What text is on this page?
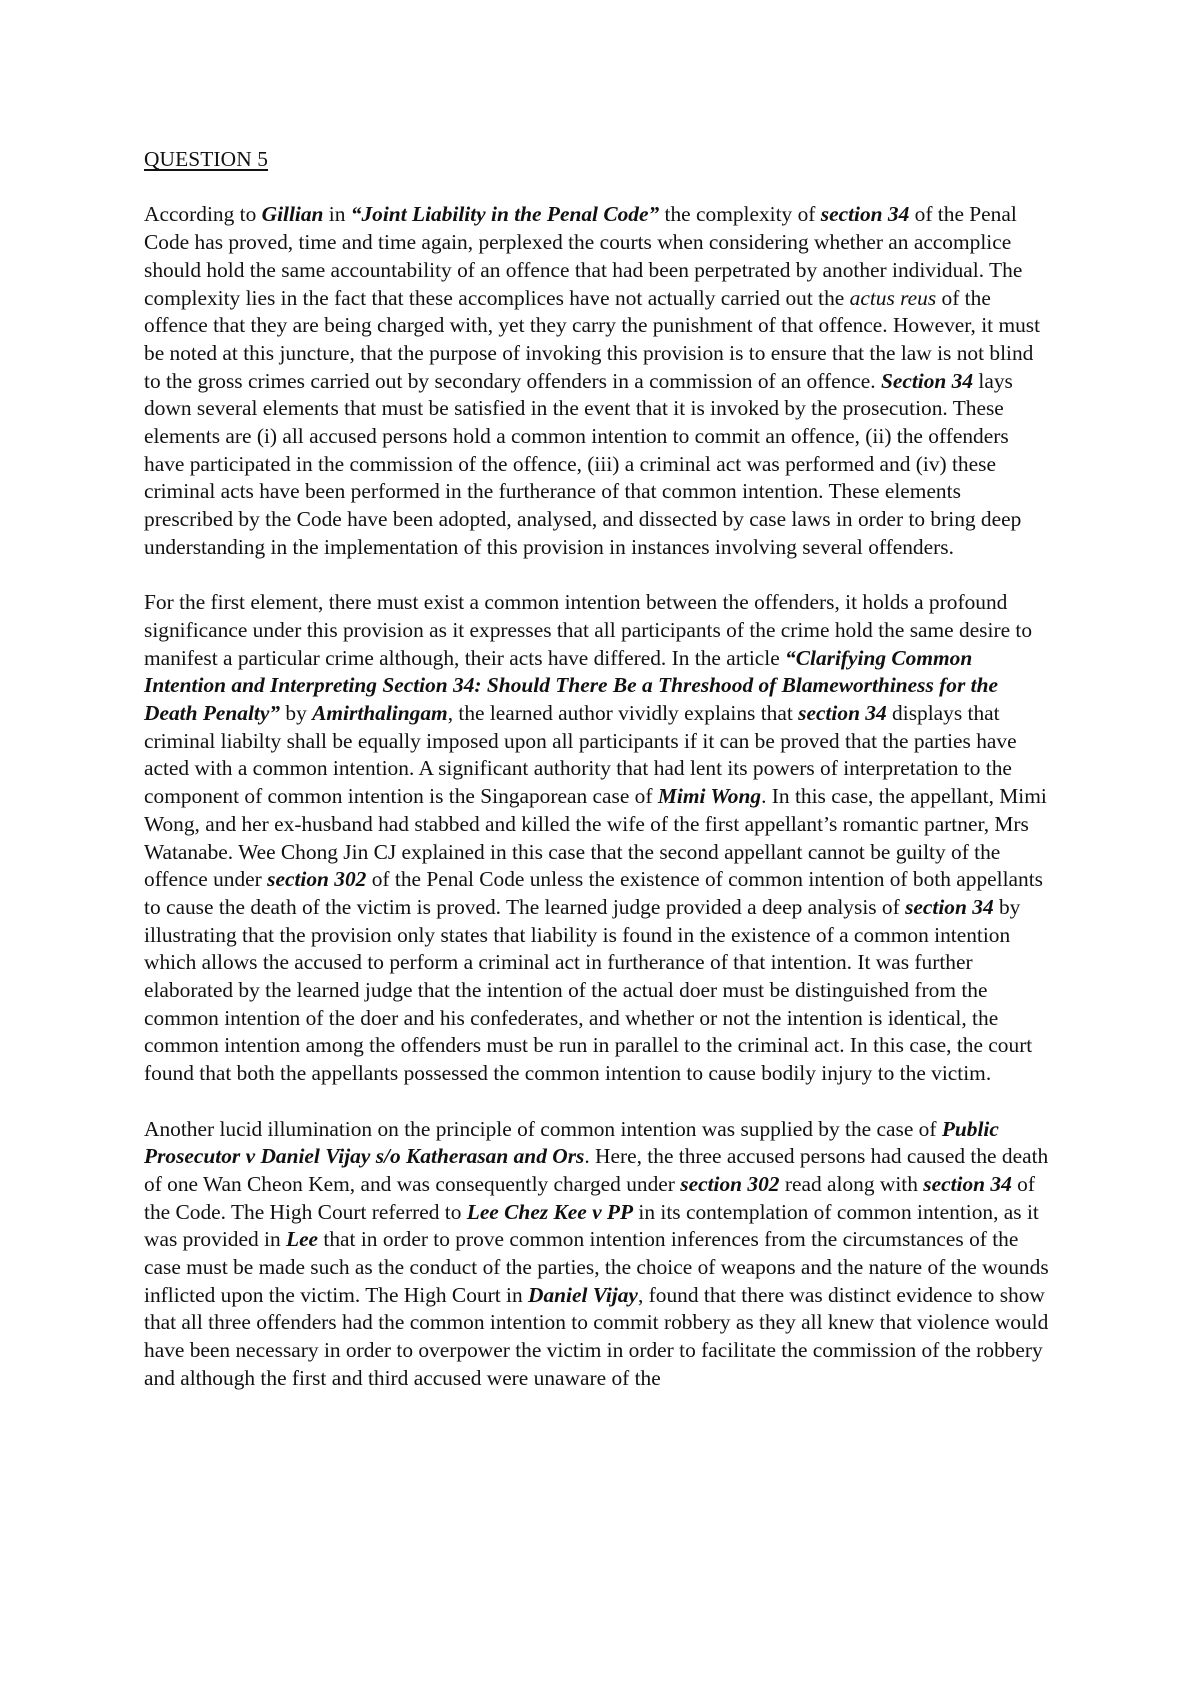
QUESTION 5

According to Gillian in “Joint Liability in the Penal Code” the complexity of section 34 of the Penal Code has proved, time and time again, perplexed the courts when considering whether an accomplice should hold the same accountability of an offence that had been perpetrated by another individual. The complexity lies in the fact that these accomplices have not actually carried out the actus reus of the offence that they are being charged with, yet they carry the punishment of that offence. However, it must be noted at this juncture, that the purpose of invoking this provision is to ensure that the law is not blind to the gross crimes carried out by secondary offenders in a commission of an offence. Section 34 lays down several elements that must be satisfied in the event that it is invoked by the prosecution. These elements are (i) all accused persons hold a common intention to commit an offence, (ii) the offenders have participated in the commission of the offence, (iii) a criminal act was performed and (iv) these criminal acts have been performed in the furtherance of that common intention. These elements prescribed by the Code have been adopted, analysed, and dissected by case laws in order to bring deep understanding in the implementation of this provision in instances involving several offenders.

For the first element, there must exist a common intention between the offenders, it holds a profound significance under this provision as it expresses that all participants of the crime hold the same desire to manifest a particular crime although, their acts have differed. In the article “Clarifying Common Intention and Interpreting Section 34: Should There Be a Threshood of Blameworthiness for the Death Penalty” by Amirthalingam, the learned author vividly explains that section 34 displays that criminal liabilty shall be equally imposed upon all participants if it can be proved that the parties have acted with a common intention. A significant authority that had lent its powers of interpretation to the component of common intention is the Singaporean case of Mimi Wong. In this case, the appellant, Mimi Wong, and her ex-husband had stabbed and killed the wife of the first appellant’s romantic partner, Mrs Watanabe. Wee Chong Jin CJ explained in this case that the second appellant cannot be guilty of the offence under section 302 of the Penal Code unless the existence of common intention of both appellants to cause the death of the victim is proved. The learned judge provided a deep analysis of section 34 by illustrating that the provision only states that liability is found in the existence of a common intention which allows the accused to perform a criminal act in furtherance of that intention. It was further elaborated by the learned judge that the intention of the actual doer must be distinguished from the common intention of the doer and his confederates, and whether or not the intention is identical, the common intention among the offenders must be run in parallel to the criminal act. In this case, the court found that both the appellants possessed the common intention to cause bodily injury to the victim.

Another lucid illumination on the principle of common intention was supplied by the case of Public Prosecutor v Daniel Vijay s/o Katherasan and Ors. Here, the three accused persons had caused the death of one Wan Cheon Kem, and was consequently charged under section 302 read along with section 34 of the Code. The High Court referred to Lee Chez Kee v PP in its contemplation of common intention, as it was provided in Lee that in order to prove common intention inferences from the circumstances of the case must be made such as the conduct of the parties, the choice of weapons and the nature of the wounds inflicted upon the victim. The High Court in Daniel Vijay, found that there was distinct evidence to show that all three offenders had the common intention to commit robbery as they all knew that violence would have been necessary in order to overpower the victim in order to facilitate the commission of the robbery and although the first and third accused were unaware of the
